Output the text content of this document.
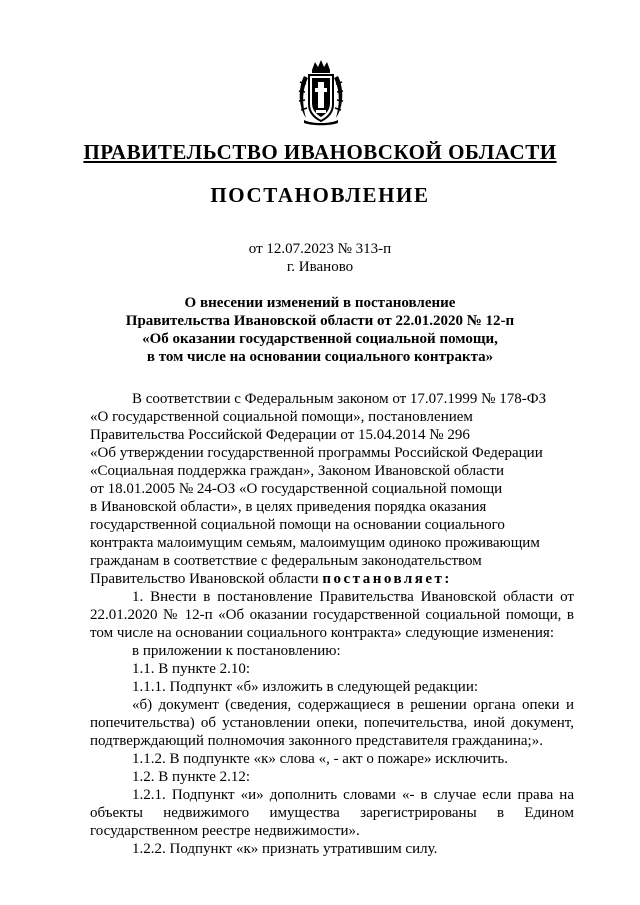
ПРАВИТЕЛЬСТВО ИВАНОВСКОЙ ОБЛАСТИ
ПОСТАНОВЛЕНИЕ
от 12.07.2023 № 313-п
г. Иваново
О внесении изменений в постановление
Правительства Ивановской области от 22.01.2020 № 12-п
«Об оказании государственной социальной помощи,
в том числе на основании социального контракта»

В соответствии с Федеральным законом от 17.07.1999 № 178-ФЗ

«О государственной социальной помощи», постановлением

Правительства Российской Федерации от 15.04.2014 № 296

«Об утверждении государственной программы Российской Федерации

«Социальная поддержка граждан», Законом Ивановской области

от 18.01.2005 № 24-ОЗ «О государственной социальной помощи

в Ивановской области», в целях приведения порядка оказания

государственной социальной помощи на основании социального

контракта малоимущим семьям, малоимущим одиноко проживающим

гражданам в соответствие с федеральным законодательством

Правительство Ивановской области постановляет:

1. Внести в постановление Правительства Ивановской области от 22.01.2020 № 12-п «Об оказании государственной социальной помощи, в том числе на основании социального контракта» следующие изменения:

в приложении к постановлению:

1.1. В пункте 2.10:

1.1.1. Подпункт «б» изложить в следующей редакции:

«б) документ (сведения, содержащиеся в решении органа опеки и попечительства) об установлении опеки, попечительства, иной документ, подтверждающий полномочия законного представителя гражданина;».

1.1.2. В подпункте «к» слова «, - акт о пожаре» исключить.

1.2. В пункте 2.12:

1.2.1. Подпункт «и» дополнить словами «- в случае если права на объекты недвижимого имущества зарегистрированы в Едином государственном реестре недвижимости».

1.2.2. Подпункт «к» признать утратившим силу.
